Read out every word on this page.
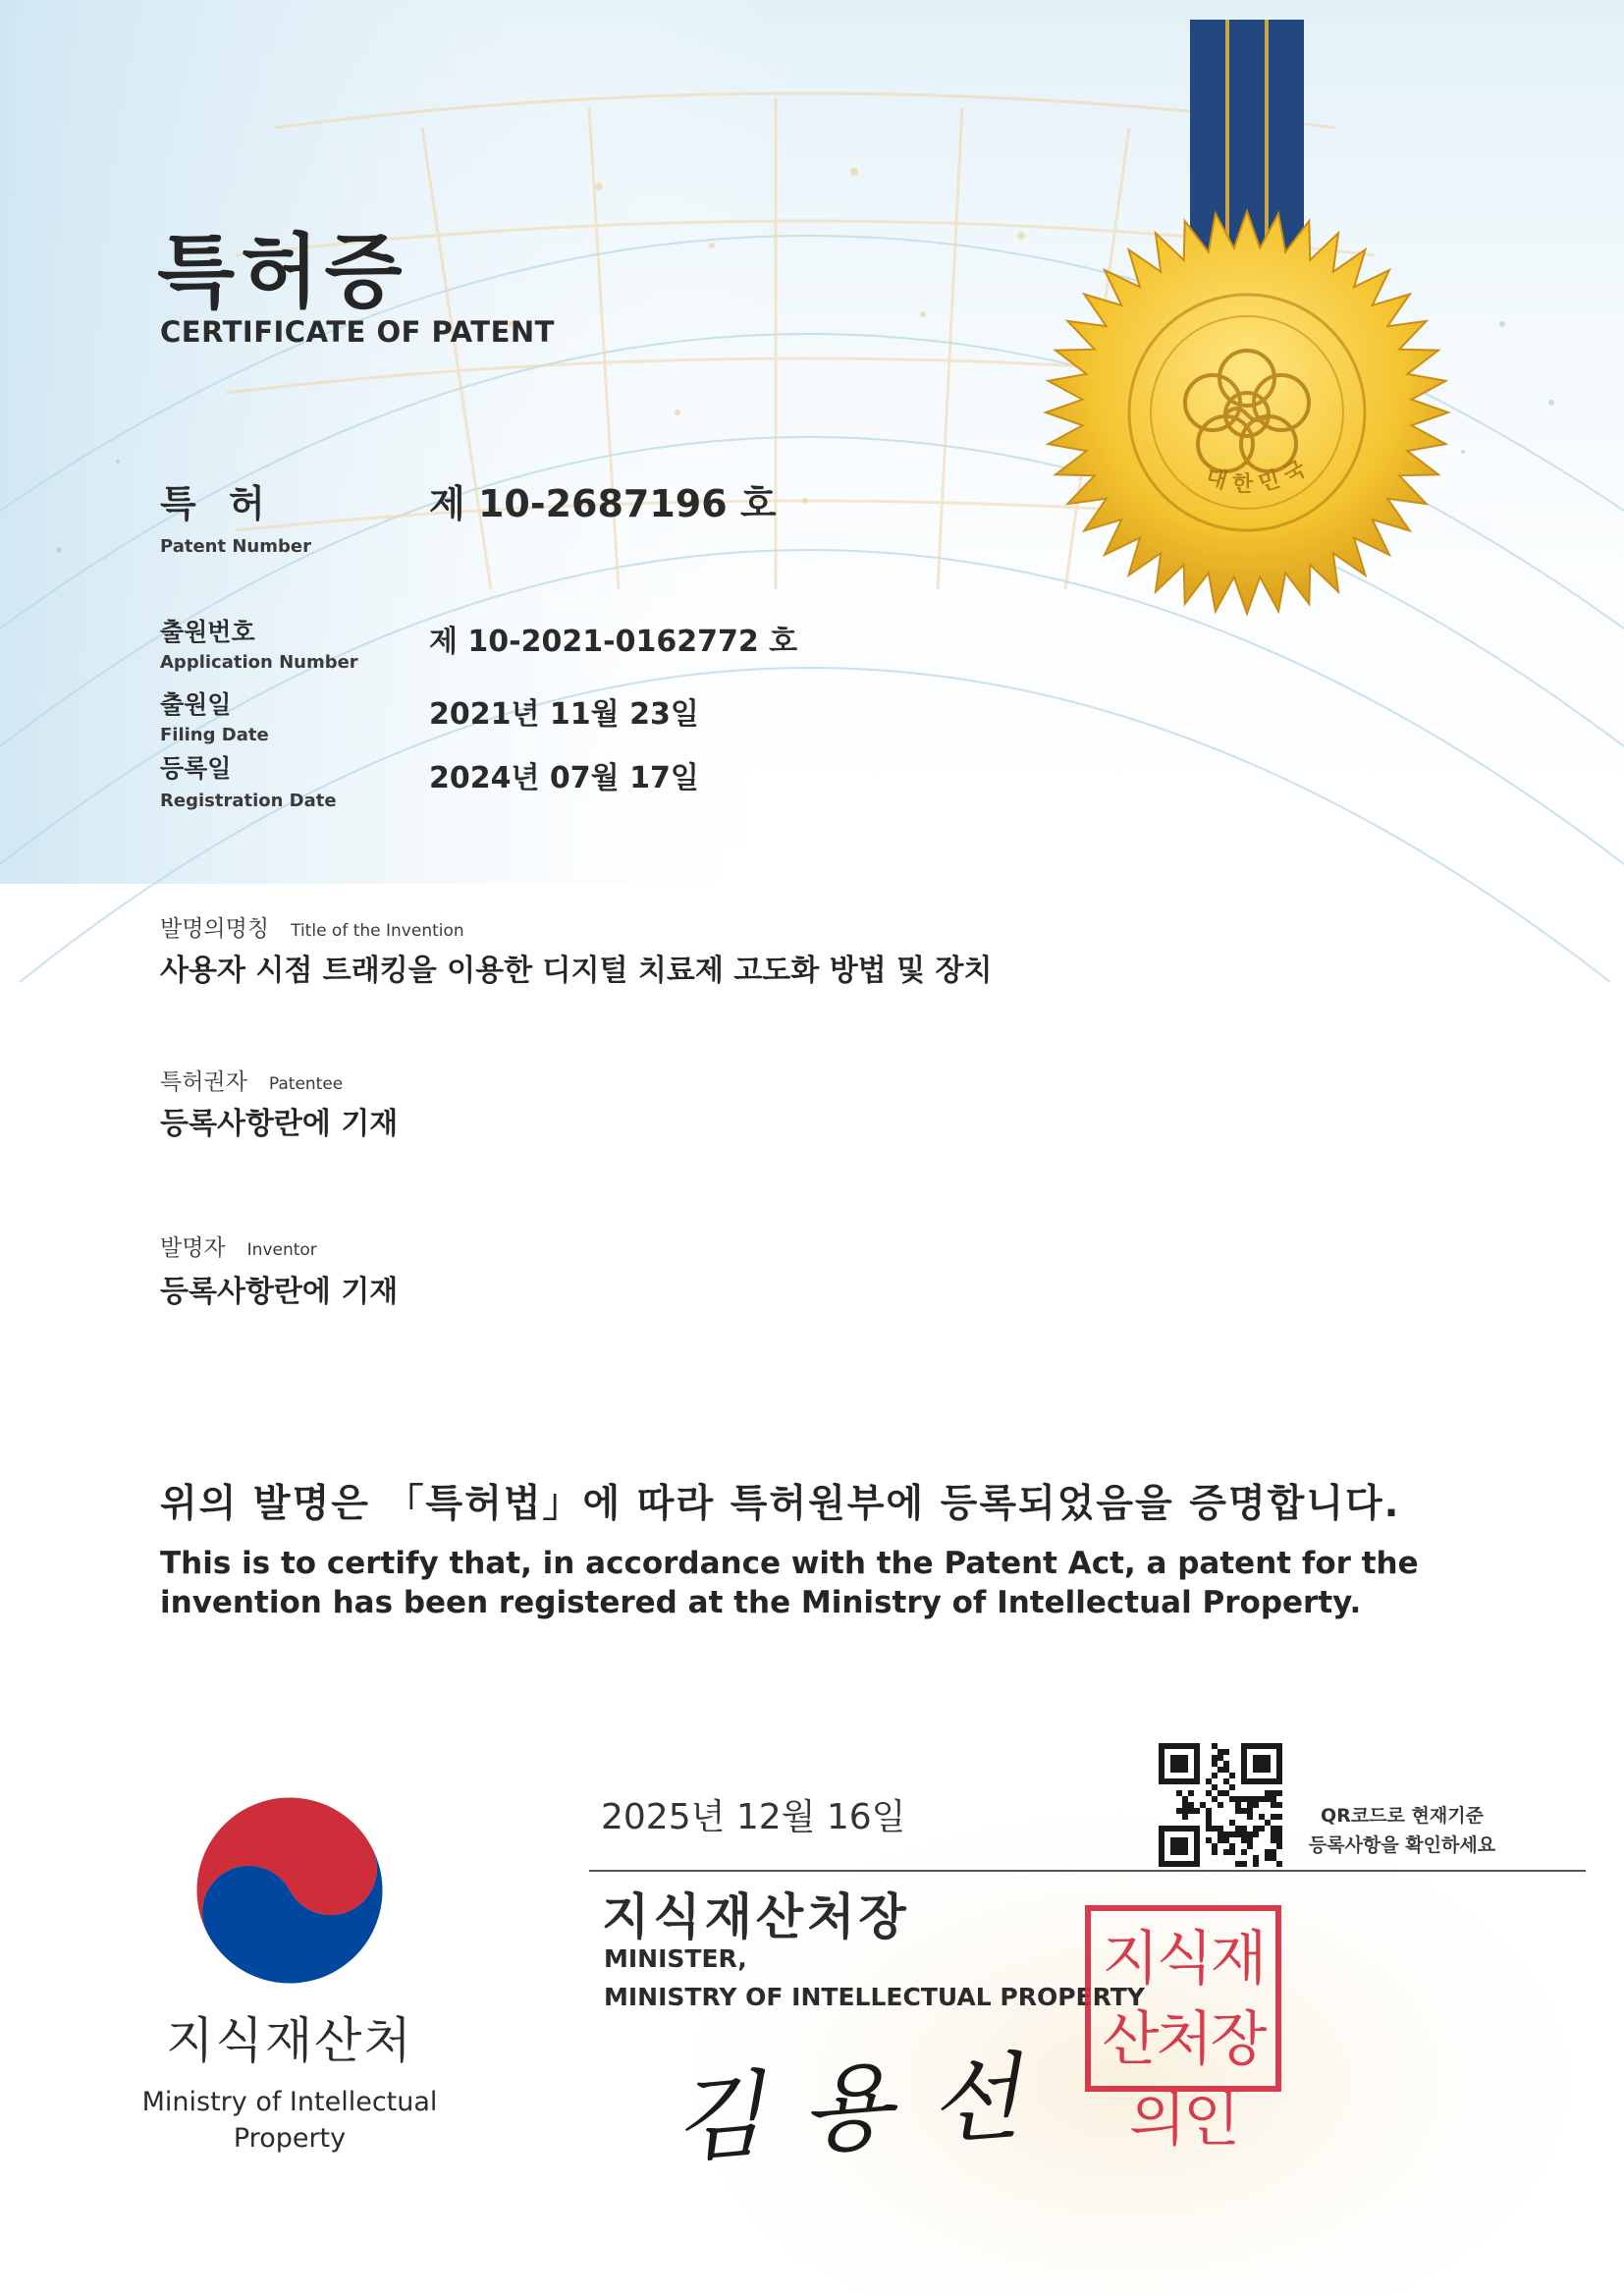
대한민국
특허증
CERTIFICATE OF PATENT
특 허
Patent Number
제 10-2687196 호
출원번호
Application Number
제 10-2021-0162772 호
출원일
Filing Date
2021년 11월 23일
등록일
Registration Date
2024년 07월 17일
발명의명칭 Title of the Invention
사용자 시점 트래킹을 이용한 디지털 치료제 고도화 방법 및 장치
특허권자 Patentee
등록사항란에 기재
발명자 Inventor
등록사항란에 기재
위의 발명은 「특허법」에 따라 특허원부에 등록되었음을 증명합니다.
This is to certify that, in accordance with the Patent Act, a patent for the invention has been registered at the Ministry of Intellectual Property.
2025년 12월 16일	QR코드로 현재기준
등록사항을 확인하세요
지식재산처장
MINISTER,
MINISTRY OF INTELLECTUAL PROPERTY
지식재산처장의인
김용선
지식재산처
Ministry of Intellectual Property
